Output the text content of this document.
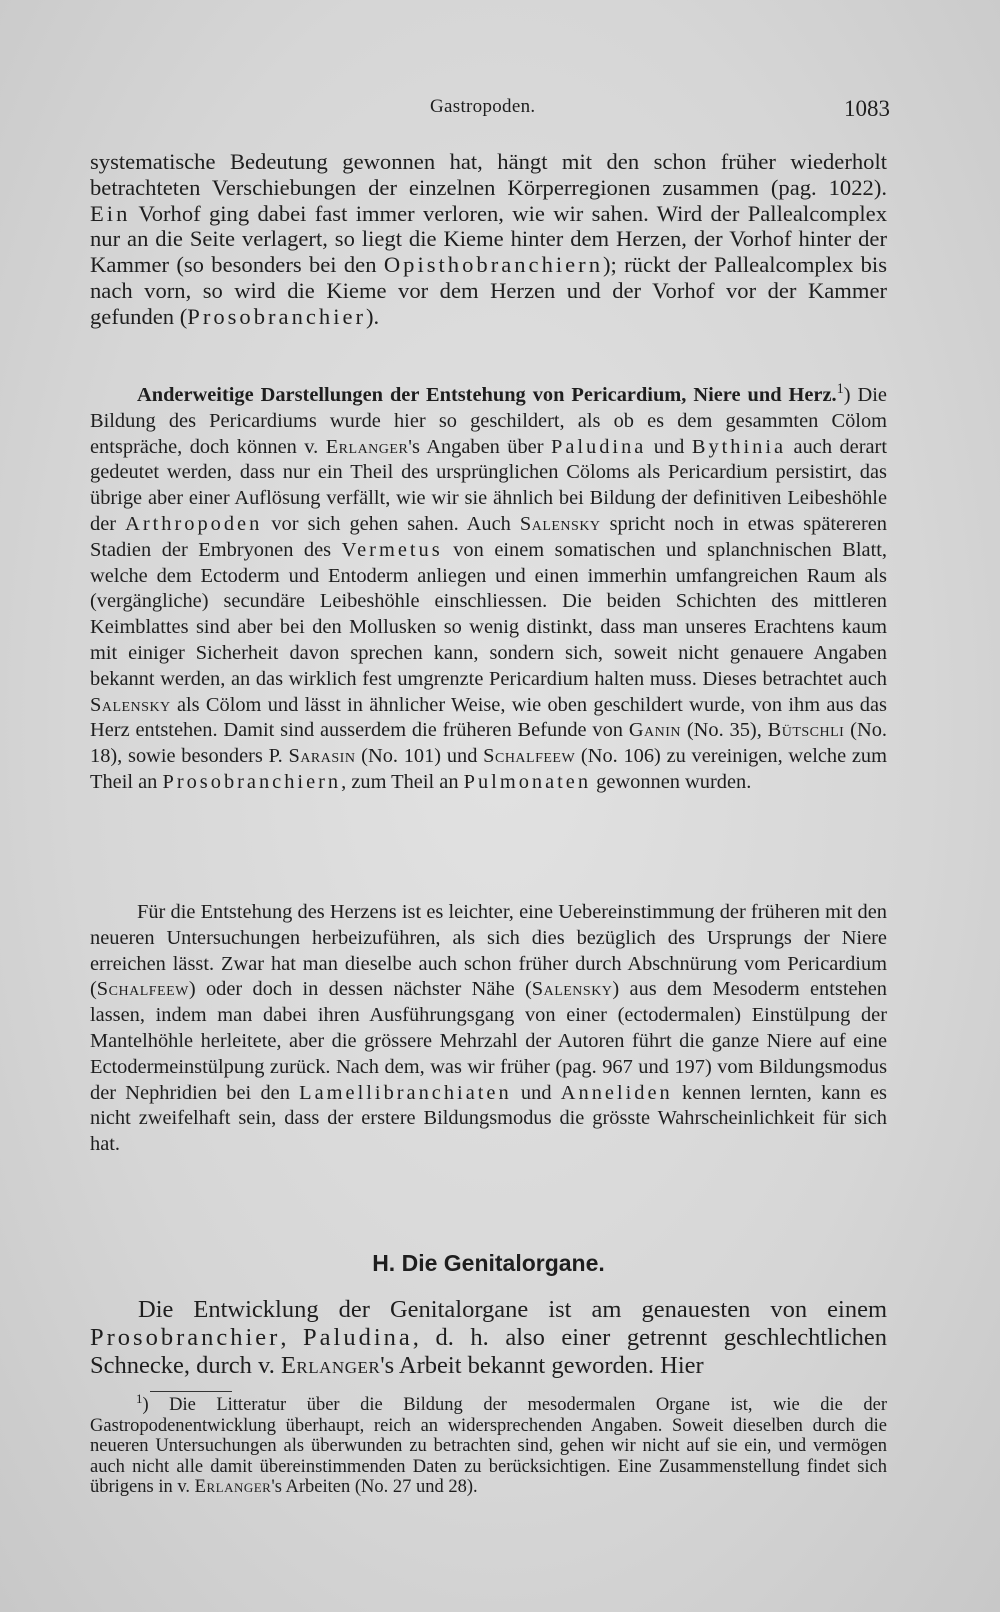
Gastropoden.	1083
systematische Bedeutung gewonnen hat, hängt mit den schon früher wiederholt betrachteten Verschiebungen der einzelnen Körperregionen zusammen (pag. 1022). Ein Vorhof ging dabei fast immer verloren, wie wir sahen. Wird der Pallealcomplex nur an die Seite verlagert, so liegt die Kieme hinter dem Herzen, der Vorhof hinter der Kammer (so besonders bei den Opisthobranchiern); rückt der Pallealcomplex bis nach vorn, so wird die Kieme vor dem Herzen und der Vorhof vor der Kammer gefunden (Prosobranchier).
Anderweitige Darstellungen der Entstehung von Pericardium, Niere und Herz.$^1$) Die Bildung des Pericardiums wurde hier so geschildert, als ob es dem gesammten Cölom entspräche, doch können v. Erlanger's Angaben über Paludina und Bythinia auch derart gedeutet werden, dass nur ein Theil des ursprünglichen Cöloms als Pericardium persistirt, das übrige aber einer Auflösung verfällt, wie wir sie ähnlich bei Bildung der definitiven Leibeshöhle der Arthropoden vor sich gehen sahen. Auch Salensky spricht noch in etwas spätereren Stadien der Embryonen des Vermetus von einem somatischen und splanchnischen Blatt, welche dem Ectoderm und Entoderm anliegen und einen immerhin umfangreichen Raum als (vergängliche) secundäre Leibeshöhle einschliessen. Die beiden Schichten des mittleren Keimblattes sind aber bei den Mollusken so wenig distinkt, dass man unseres Erachtens kaum mit einiger Sicherheit davon sprechen kann, sondern sich, soweit nicht genauere Angaben bekannt werden, an das wirklich fest umgrenzte Pericardium halten muss. Dieses betrachtet auch Salensky als Cölom und lässt in ähnlicher Weise, wie oben geschildert wurde, von ihm aus das Herz entstehen. Damit sind ausserdem die früheren Befunde von Ganin (No. 35), Bütschli (No. 18), sowie besonders P. Sarasin (No. 101) und Schalfeew (No. 106) zu vereinigen, welche zum Theil an Prosobranchiern, zum Theil an Pulmonaten gewonnen wurden.
Für die Entstehung des Herzens ist es leichter, eine Uebereinstimmung der früheren mit den neueren Untersuchungen herbeizuführen, als sich dies bezüglich des Ursprungs der Niere erreichen lässt. Zwar hat man dieselbe auch schon früher durch Abschnürung vom Pericardium (Schalfeew) oder doch in dessen nächster Nähe (Salensky) aus dem Mesoderm entstehen lassen, indem man dabei ihren Ausführungsgang von einer (ectodermalen) Einstülpung der Mantelhöhle herleitete, aber die grössere Mehrzahl der Autoren führt die ganze Niere auf eine Ectodermeinstülpung zurück. Nach dem, was wir früher (pag. 967 und 197) vom Bildungsmodus der Nephridien bei den Lamellibranchiaten und Anneliden kennen lernten, kann es nicht zweifelhaft sein, dass der erstere Bildungsmodus die grösste Wahrscheinlichkeit für sich hat.
H. Die Genitalorgane.
Die Entwicklung der Genitalorgane ist am genauesten von einem Prosobranchier, Paludina, d. h. also einer getrennt geschlechtlichen Schnecke, durch v. Erlanger's Arbeit bekannt geworden. Hier
$^1$) Die Litteratur über die Bildung der mesodermalen Organe ist, wie die der Gastropodenentwicklung überhaupt, reich an widersprechenden Angaben. Soweit dieselben durch die neueren Untersuchungen als überwunden zu betrachten sind, gehen wir nicht auf sie ein, und vermögen auch nicht alle damit übereinstimmenden Daten zu berücksichtigen. Eine Zusammenstellung findet sich übrigens in v. Erlanger's Arbeiten (No. 27 und 28).
